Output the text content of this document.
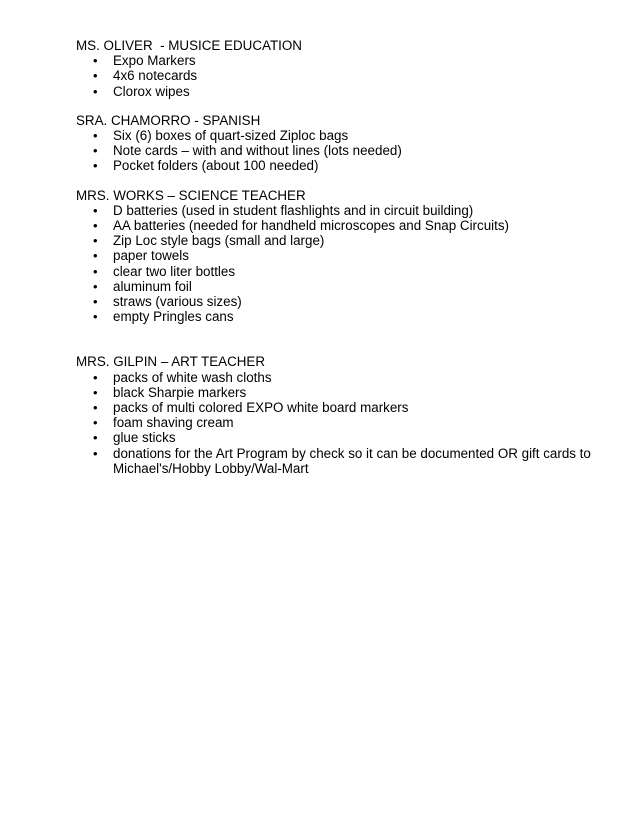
MS. OLIVER  - MUSICE EDUCATION
• Expo Markers
• 4x6 notecards
• Clorox wipes
SRA. CHAMORRO - SPANISH
• Six (6) boxes of quart-sized Ziploc bags
• Note cards – with and without lines (lots needed)
• Pocket folders (about 100 needed)
MRS. WORKS – SCIENCE TEACHER
• D batteries (used in student flashlights and in circuit building)
• AA batteries (needed for handheld microscopes and Snap Circuits)
• Zip Loc style bags (small and large)
• paper towels
• clear two liter bottles
• aluminum foil
• straws (various sizes)
• empty Pringles cans
MRS. GILPIN – ART TEACHER
• packs of white wash cloths
• black Sharpie markers
• packs of multi colored EXPO white board markers
• foam shaving cream
• glue sticks
• donations for the Art Program by check so it can be documented OR gift cards to Michael's/Hobby Lobby/Wal-Mart
